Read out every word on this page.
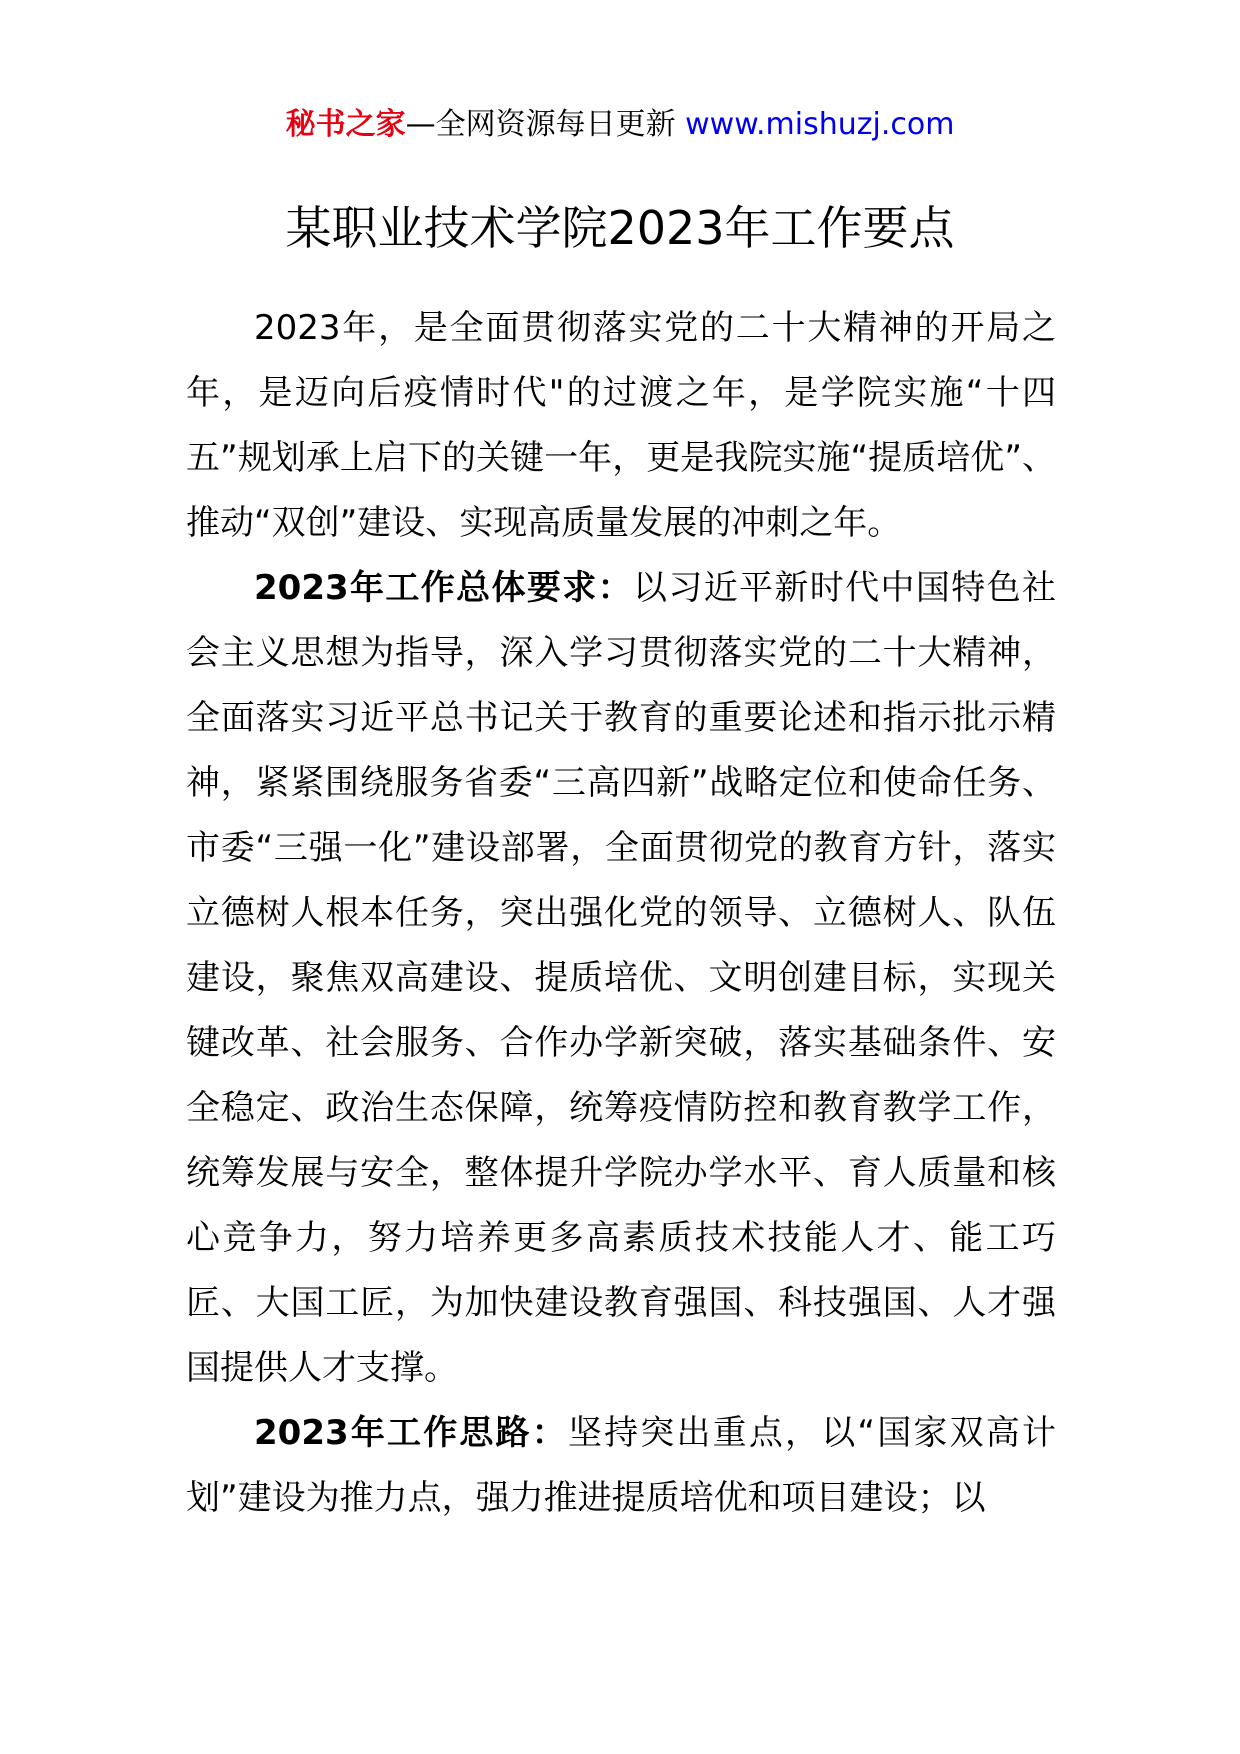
秘书之家—全网资源每日更新 www.mishuzj.com
某职业技术学院2023年工作要点

2023年，是全面贯彻落实党的二十大精神的开局之年，是迈向后疫情时代"的过渡之年，是学院实施“十四五”规划承上启下的关键一年，更是我院实施“提质培优”、推动“双创”建设、实现高质量发展的冲刺之年。

2023年工作总体要求：以习近平新时代中国特色社会主义思想为指导，深入学习贯彻落实党的二十大精神，全面落实习近平总书记关于教育的重要论述和指示批示精神，紧紧围绕服务省委“三高四新”战略定位和使命任务、市委“三强一化”建设部署，全面贯彻党的教育方针，落实立德树人根本任务，突出强化党的领导、立德树人、队伍建设，聚焦双高建设、提质培优、文明创建目标，实现关键改革、社会服务、合作办学新突破，落实基础条件、安全稳定、政治生态保障，统筹疫情防控和教育教学工作，统筹发展与安全，整体提升学院办学水平、育人质量和核心竞争力，努力培养更多高素质技术技能人才、能工巧匠、大国工匠，为加快建设教育强国、科技强国、人才强国提供人才支撑。

2023年工作思路：坚持突出重点，以“国家双高计划”建设为推力点，强力推进提质培优和项目建设；以
